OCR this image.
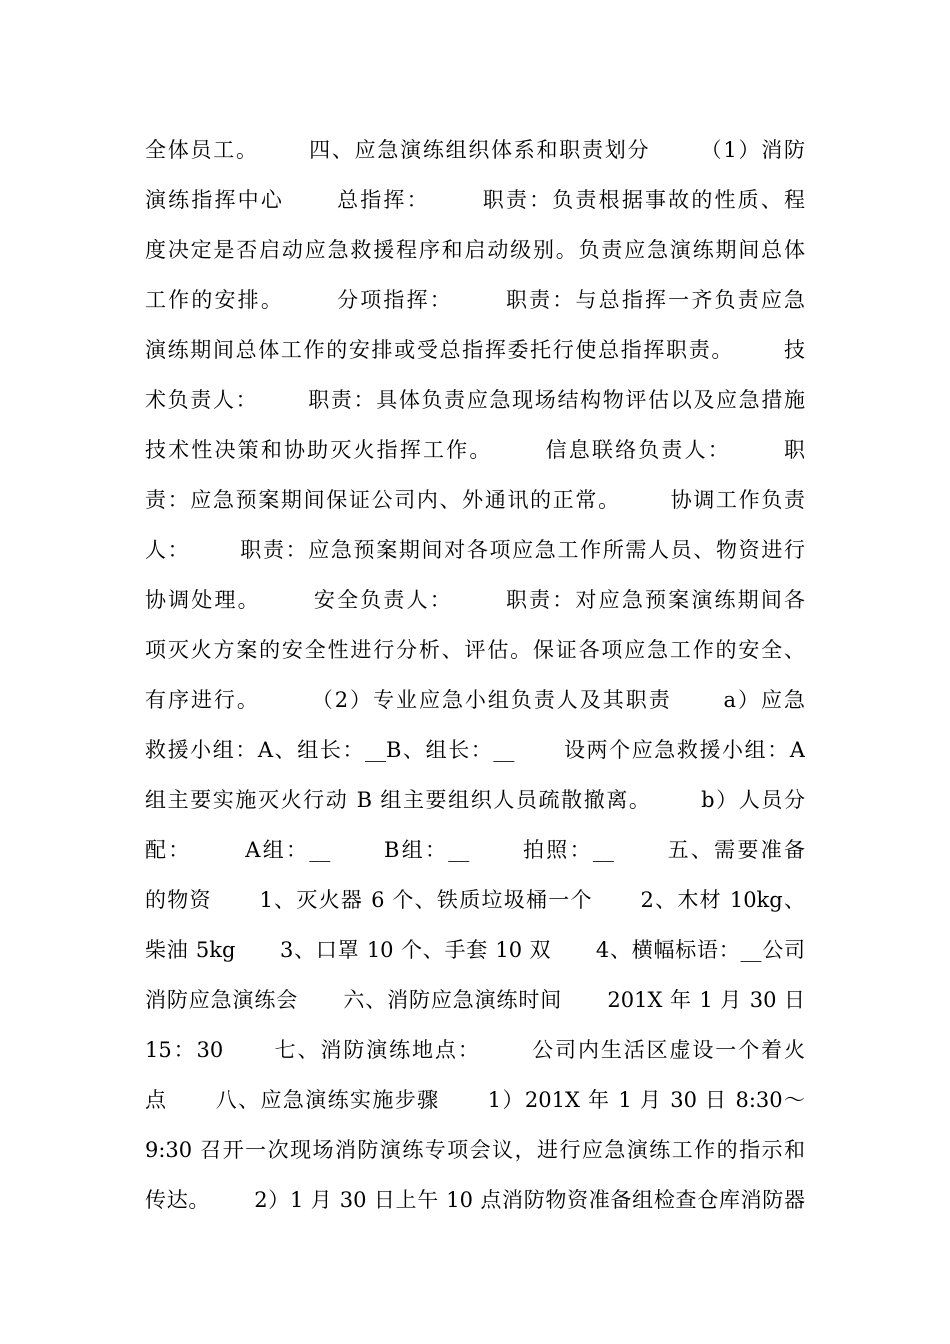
全体员工。      四、应急演练组织体系和职责划分      （1）消防
演练指挥中心      总指挥：      职责：负责根据事故的性质、程
度决定是否启动应急救援程序和启动级别。负责应急演练期间总体
工作的安排。      分项指挥：      职责：与总指挥一齐负责应急
演练期间总体工作的安排或受总指挥委托行使总指挥职责。      技
术负责人：      职责：具体负责应急现场结构物评估以及应急措施
技术性决策和协助灭火指挥工作。      信息联络负责人：      职
责：应急预案期间保证公司内、外通讯的正常。      协调工作负责
人：      职责：应急预案期间对各项应急工作所需人员、物资进行
协调处理。      安全负责人：      职责：对应急预案演练期间各
项灭火方案的安全性进行分析、评估。保证各项应急工作的安全、
有序进行。      （2）专业应急小组负责人及其职责      a）应急
救援小组：A、组长：__B、组长：__      设两个应急救援小组：A
组主要实施灭火行动 B 组主要组织人员疏散撤离。      b）人员分
配：      A组：__      B组：__      拍照：__      五、需要准备
的物资      1、灭火器 6 个、铁质垃圾桶一个      2、木材 10kg、
柴油 5kg      3、口罩 10 个、手套 10 双      4、横幅标语：__公司
消防应急演练会      六、消防应急演练时间      201X 年 1 月 30 日
15：30      七、消防演练地点：      公司内生活区虚设一个着火
点      八、应急演练实施步骤      1）201X 年 1 月 30 日 8:30～
9:30 召开一次现场消防演练专项会议，进行应急演练工作的指示和
传达。      2）1 月 30 日上午 10 点消防物资准备组检查仓库消防器
